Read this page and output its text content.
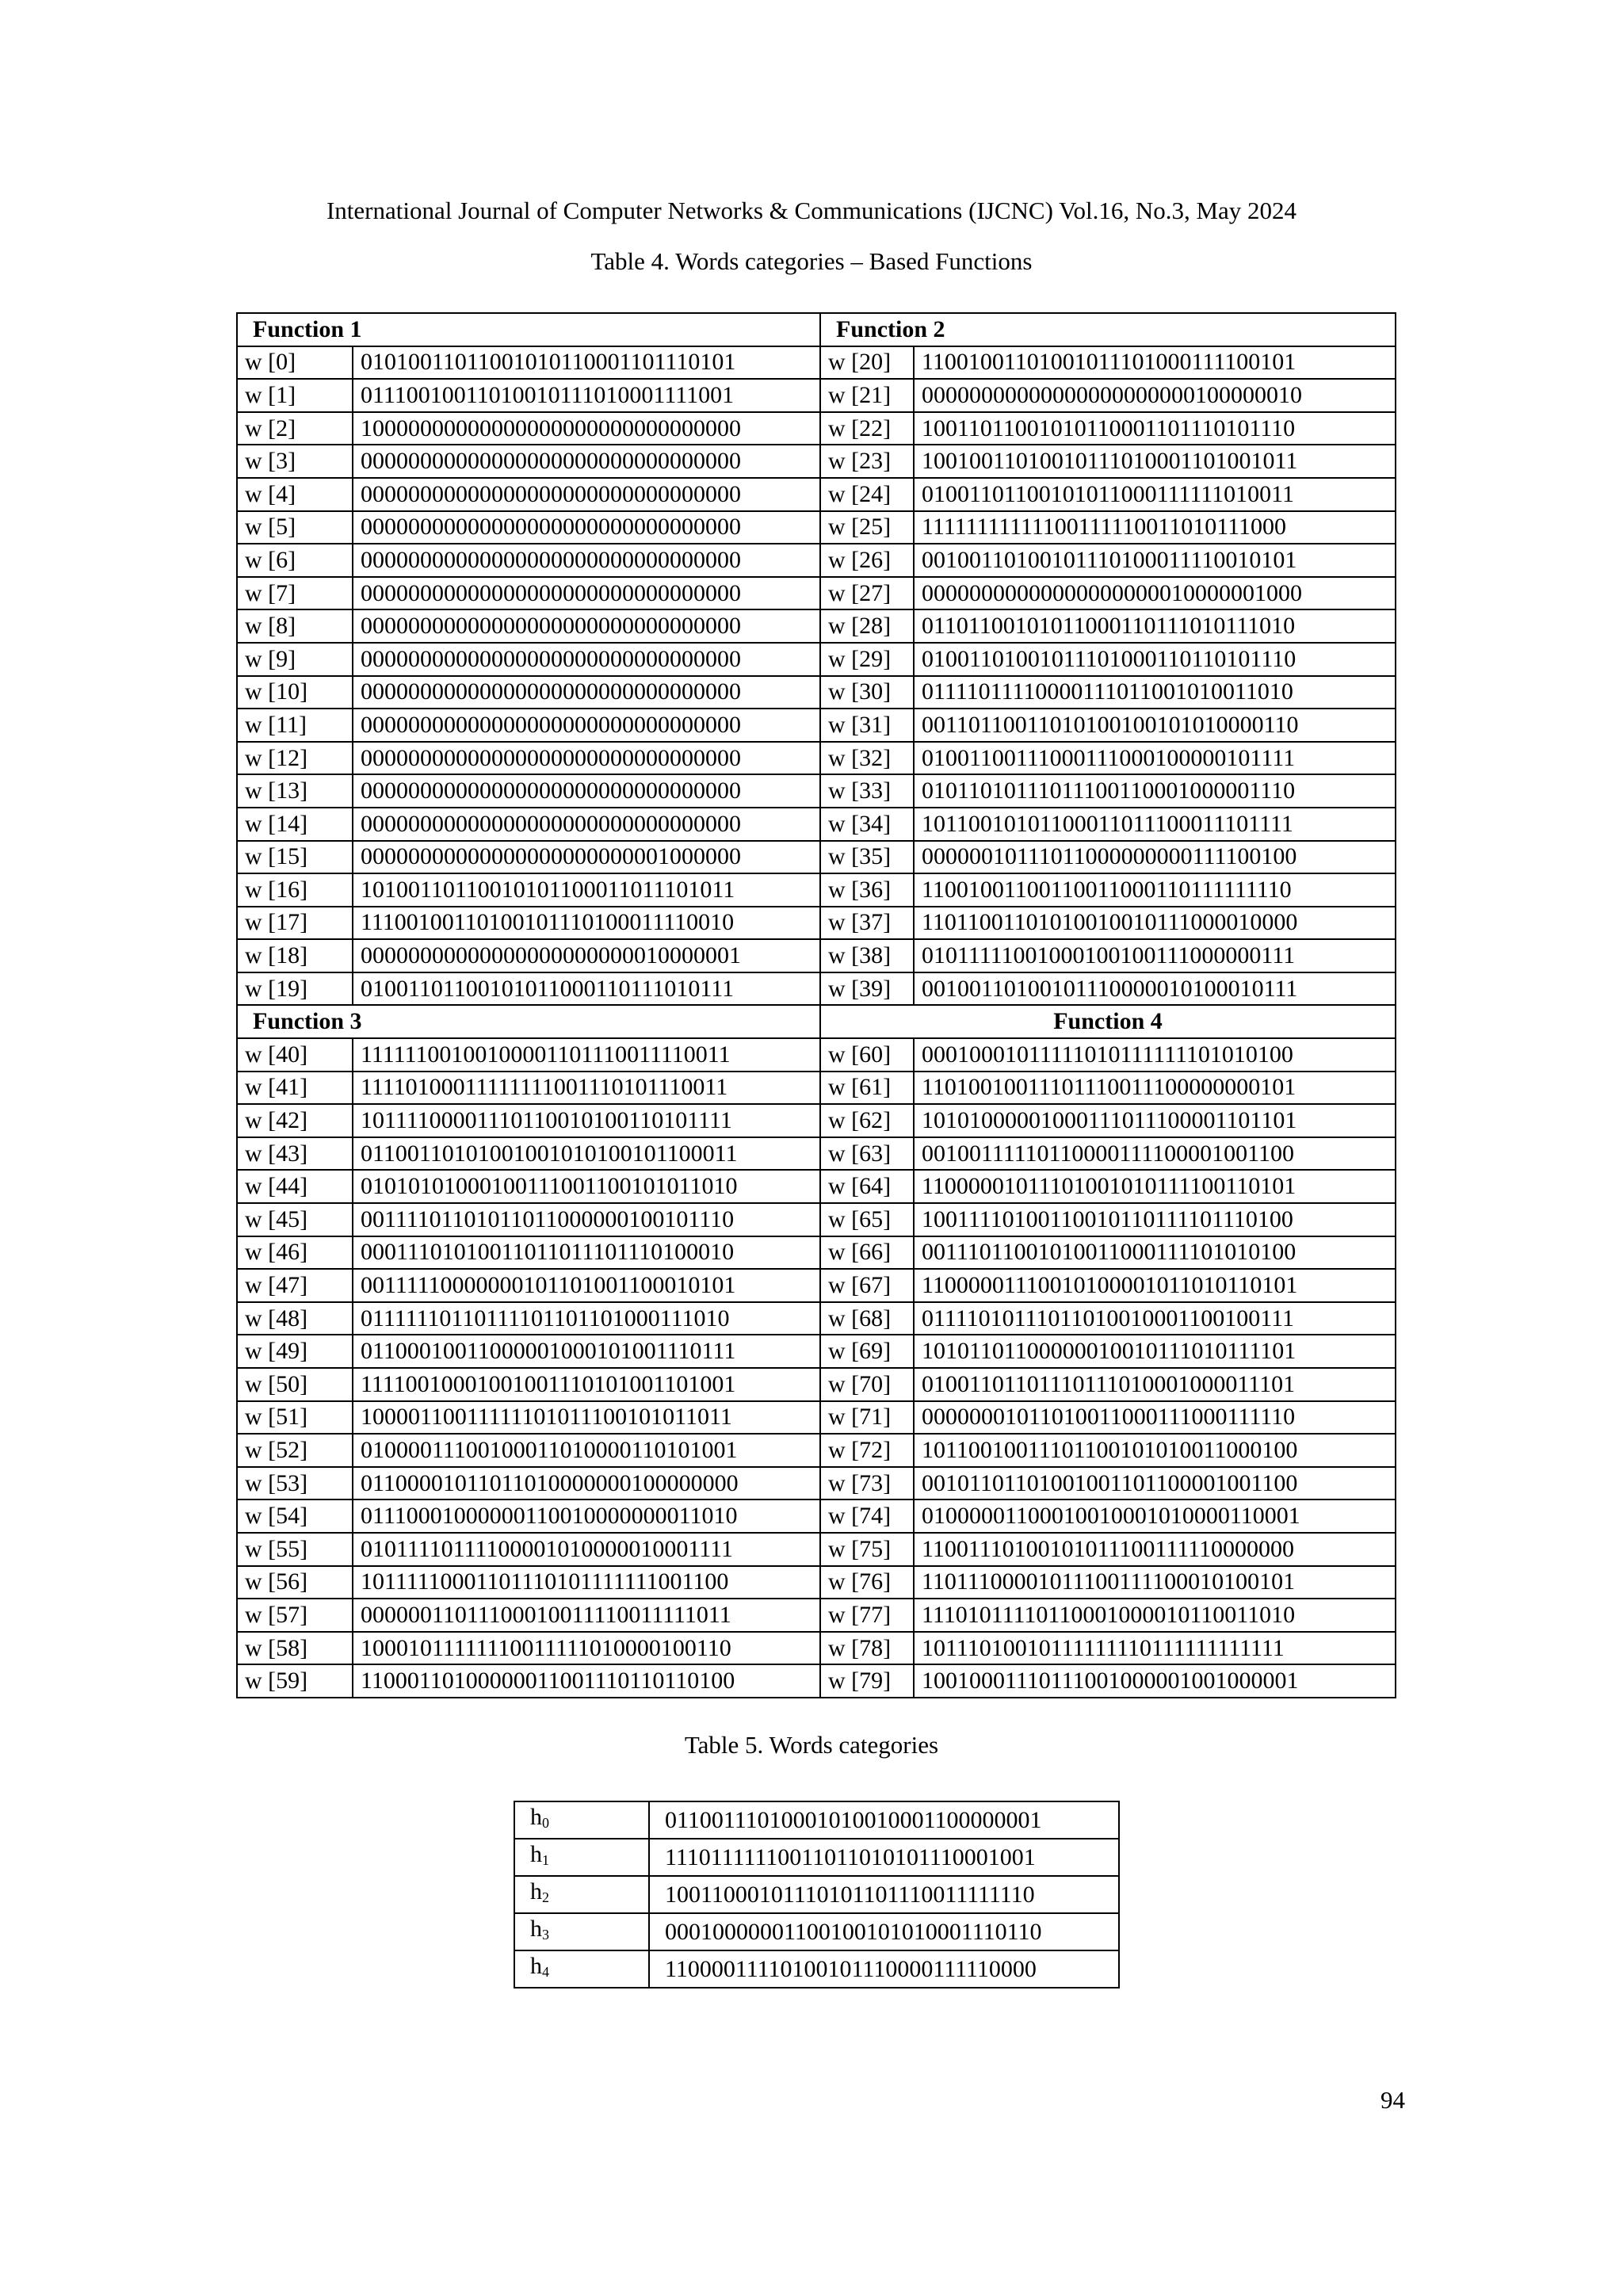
International Journal of Computer Networks & Communications (IJCNC) Vol.16, No.3, May 2024
Table 4. Words categories – Based Functions
Function 1		Function 2	
w [0]	01010011011001010110001101110101	w [20]	11001001101001011101000111100101
w [1]	01110010011010010111010001111001	w [21]	00000000000000000000000100000010
w [2]	10000000000000000000000000000000	w [22]	10011011001010110001101110101110
w [3]	00000000000000000000000000000000	w [23]	10010011010010111010001101001011
w [4]	00000000000000000000000000000000	w [24]	01001101100101011000111111010011
w [5]	00000000000000000000000000000000	w [25]	11111111111100111110011010111000
w [6]	00000000000000000000000000000000	w [26]	00100110100101110100011110010101
w [7]	00000000000000000000000000000000	w [27]	00000000000000000000010000001000
w [8]	00000000000000000000000000000000	w [28]	01101100101011000110111010111010
w [9]	00000000000000000000000000000000	w [29]	01001101001011101000110110101110
w [10]	00000000000000000000000000000000	w [30]	01111011110000111011001010011010
w [11]	00000000000000000000000000000000	w [31]	00110110011010100100101010000110
w [12]	00000000000000000000000000000000	w [32]	01001100111000111000100000101111
w [13]	00000000000000000000000000000000	w [33]	01011010111011100110001000001110
w [14]	00000000000000000000000000000000	w [34]	10110010101100011011100011101111
w [15]	00000000000000000000000001000000	w [35]	00000010111011000000000111100100
w [16]	10100110110010101100011011101011	w [36]	11001001100110011000110111111110
w [17]	11100100110100101110100011110010	w [37]	11011001101010010010111000010000
w [18]	00000000000000000000000010000001	w [38]	01011111001000100100111000000111
w [19]	01001101100101011000110111010111	w [39]	00100110100101110000010100010111
Function 3		Function 4	
w [40]	11111100100100001101110011110011	w [60]	00010001011111010111111101010100
w [41]	11110100011111111001110101110011	w [61]	11010010011101110011100000000101
w [42]	10111100001110110010100110101111	w [62]	10101000001000111011100001101101
w [43]	01100110101001001010100101100011	w [63]	00100111110110000111100001001100
w [44]	01010101000100111001100101011010	w [64]	11000001011101001010111100110101
w [45]	00111101101011011000000100101110	w [65]	10011110100110010110111101110100
w [46]	00011101010011011011101110100010	w [66]	00111011001010011000111101010100
w [47]	00111110000000101101001100010101	w [67]	11000001110010100001011010110101
w [48]	01111110110111101101101000111010	w [68]	01111010111011010010001100100111
w [49]	01100010011000001000101001110111	w [69]	10101101100000010010111010111101
w [50]	11110010001001001110101001101001	w [70]	01001101101110111010001000011101
w [51]	10000110011111101011100101011011	w [71]	00000001011010011000111000111110
w [52]	01000011100100011010000110101001	w [72]	10110010011101100101010011000100
w [53]	01100001011011010000000100000000	w [73]	00101101101001001101100001001100
w [54]	01110001000000110010000000011010	w [74]	01000001100010010001010000110001
w [55]	01011110111100001010000010001111	w [75]	11001110100101011100111110000000
w [56]	10111110001101110101111111001100	w [76]	11011100001011100111100010100101
w [57]	00000011011100010011110011111011	w [77]	11101011110110001000010110011010
w [58]	10001011111110011111010000100110	w [78]	10111010010111111110111111111111
w [59]	11000110100000011001110110110100	w [79]	10010001110111001000001001000001
Table 5. Words categories
$h_0$	01100111010001010010001100000001
$h_1$	11101111110011011010101110001001
$h_2$	10011000101110101101110011111110
$h_3$	00010000001100100101010001110110
$h_4$	11000011110100101110000111110000
94
